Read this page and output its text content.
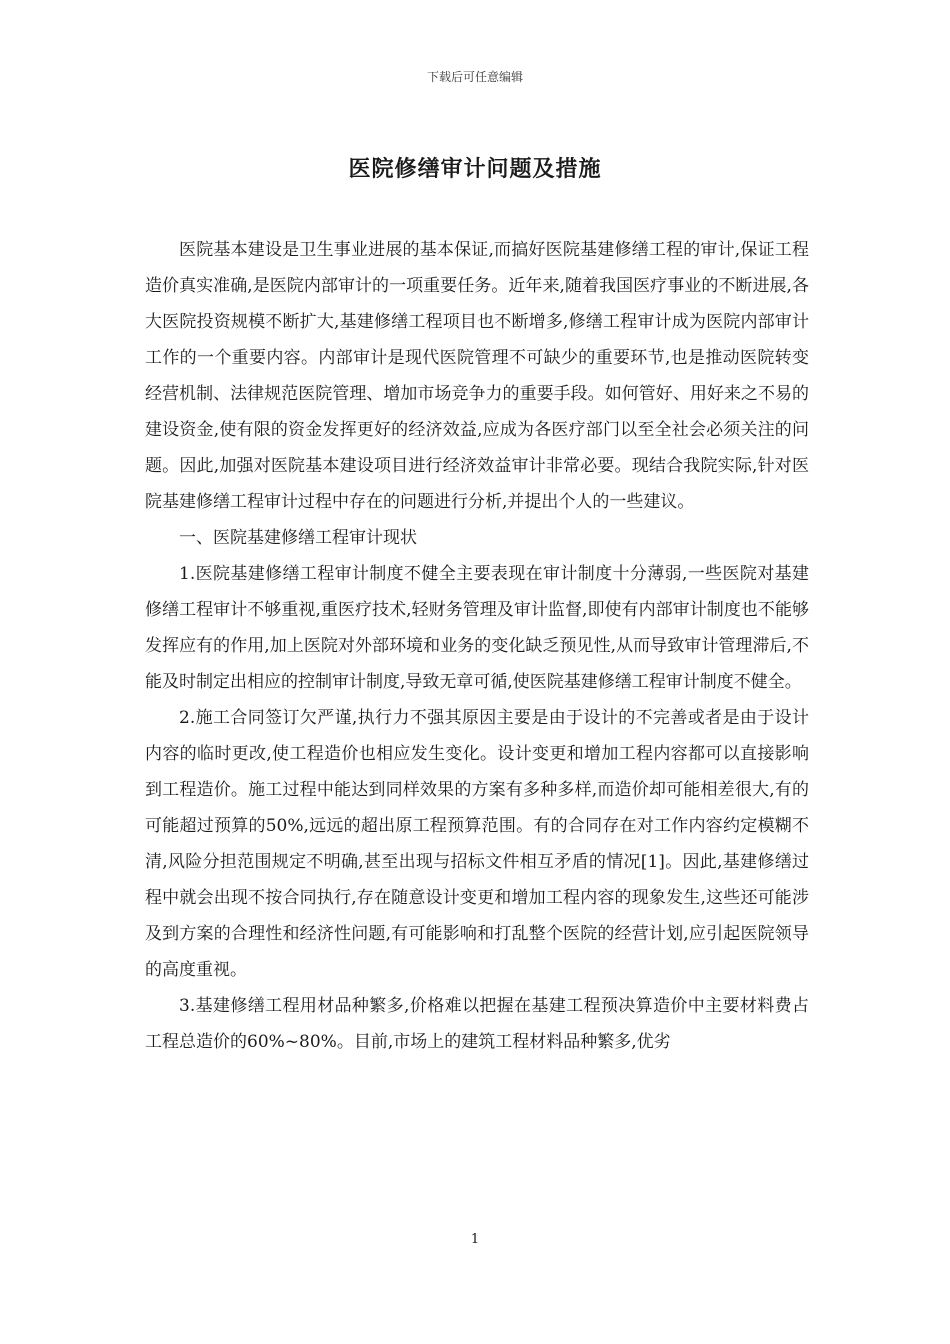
下载后可任意编辑
医院修缮审计问题及措施

医院基本建设是卫生事业进展的基本保证,而搞好医院基建修缮工程的审计,保证工程造价真实准确,是医院内部审计的一项重要任务。近年来,随着我国医疗事业的不断进展,各大医院投资规模不断扩大,基建修缮工程项目也不断增多,修缮工程审计成为医院内部审计工作的一个重要内容。内部审计是现代医院管理不可缺少的重要环节,也是推动医院转变经营机制、法律规范医院管理、增加市场竞争力的重要手段。如何管好、用好来之不易的建设资金,使有限的资金发挥更好的经济效益,应成为各医疗部门以至全社会必须关注的问题。因此,加强对医院基本建设项目进行经济效益审计非常必要。现结合我院实际,针对医院基建修缮工程审计过程中存在的问题进行分析,并提出个人的一些建议。

一、医院基建修缮工程审计现状

1.医院基建修缮工程审计制度不健全主要表现在审计制度十分薄弱,一些医院对基建修缮工程审计不够重视,重医疗技术,轻财务管理及审计监督,即使有内部审计制度也不能够发挥应有的作用,加上医院对外部环境和业务的变化缺乏预见性,从而导致审计管理滞后,不能及时制定出相应的控制审计制度,导致无章可循,使医院基建修缮工程审计制度不健全。

2.施工合同签订欠严谨,执行力不强其原因主要是由于设计的不完善或者是由于设计内容的临时更改,使工程造价也相应发生变化。设计变更和增加工程内容都可以直接影响到工程造价。施工过程中能达到同样效果的方案有多种多样,而造价却可能相差很大,有的可能超过预算的50%,远远的超出原工程预算范围。有的合同存在对工作内容约定模糊不清,风险分担范围规定不明确,甚至出现与招标文件相互矛盾的情况[1]。因此,基建修缮过程中就会出现不按合同执行,存在随意设计变更和增加工程内容的现象发生,这些还可能涉及到方案的合理性和经济性问题,有可能影响和打乱整个医院的经营计划,应引起医院领导的高度重视。

3.基建修缮工程用材品种繁多,价格难以把握在基建工程预决算造价中主要材料费占工程总造价的60%~80%。目前,市场上的建筑工程材料品种繁多,优劣

1
